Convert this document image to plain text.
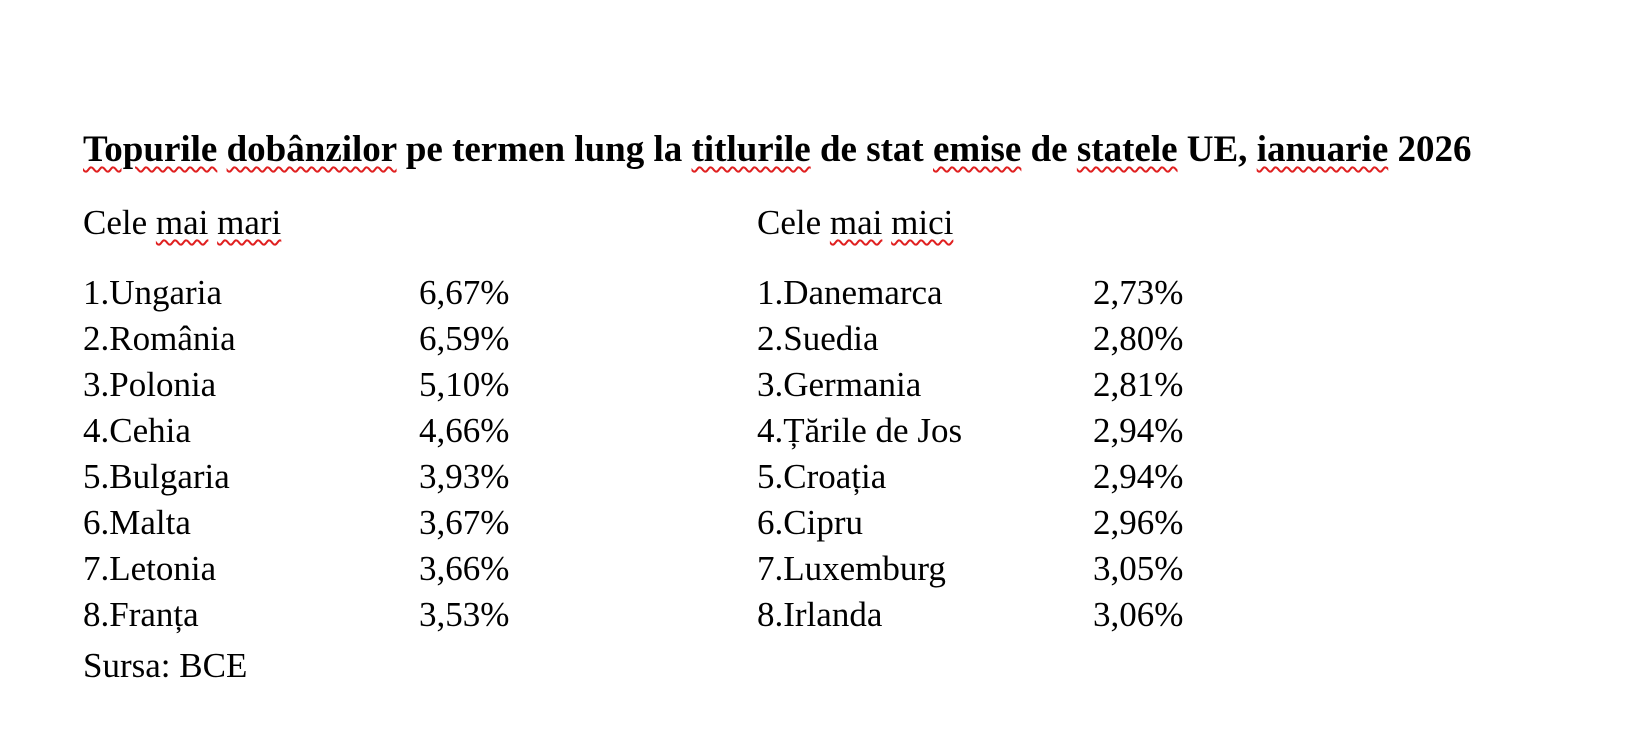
Topurile dobânzilor pe termen lung la titlurile de stat emise de statele UE, ianuarie 2026
Cele mai mari
1.Ungaria	6,67%
2.România	6,59%
3.Polonia	5,10%
4.Cehia	4,66%
5.Bulgaria	3,93%
6.Malta	3,67%
7.Letonia	3,66%
8.Franța	3,53%
Cele mai mici
1.Danemarca	2,73%
2.Suedia	2,80%
3.Germania	2,81%
4.Țările de Jos	2,94%
5.Croația	2,94%
6.Cipru	2,96%
7.Luxemburg	3,05%
8.Irlanda	3,06%
Sursa: BCE
